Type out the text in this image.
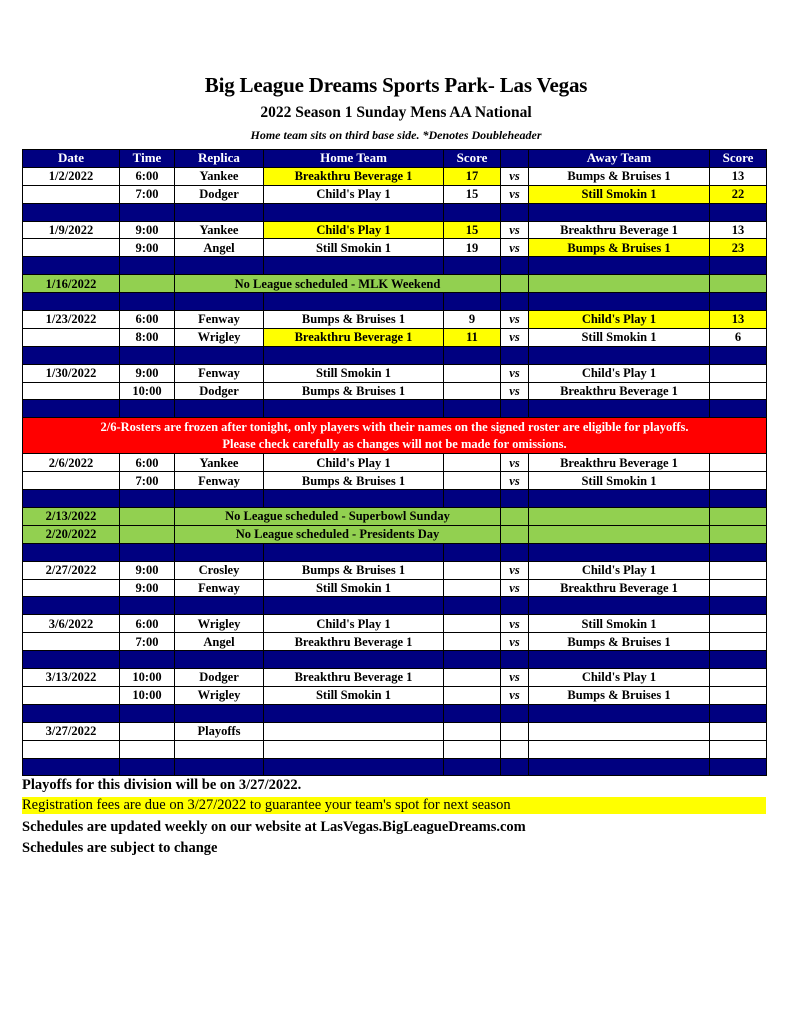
Big League Dreams Sports Park- Las Vegas
2022 Season 1 Sunday Mens AA National
Home team sits on third base side. *Denotes Doubleheader
Date	Time	Replica	Home Team	Score		Away Team	Score
1/2/2022	6:00	Yankee	Breakthru Beverage 1	17	vs	Bumps & Bruises 1	13
	7:00	Dodger	Child's Play 1	15	vs	Still Smokin 1	22

1/9/2022	9:00	Yankee	Child's Play 1	15	vs	Breakthru Beverage 1	13
	9:00	Angel	Still Smokin 1	19	vs	Bumps & Bruises 1	23

1/16/2022		No League scheduled - MLK Weekend					

1/23/2022	6:00	Fenway	Bumps & Bruises 1	9	vs	Child's Play 1	13
	8:00	Wrigley	Breakthru Beverage 1	11	vs	Still Smokin 1	6

1/30/2022	9:00	Fenway	Still Smokin 1		vs	Child's Play 1	
	10:00	Dodger	Bumps & Bruises 1		vs	Breakthru Beverage 1	

2/6-Rosters are frozen after tonight, only players with their names on the signed roster are eligible for playoffs.
Please check carefully as changes will not be made for omissions.							

2/6/2022	6:00	Yankee	Child's Play 1		vs	Breakthru Beverage 1	
	7:00	Fenway	Bumps & Bruises 1		vs	Still Smokin 1	

2/13/2022		No League scheduled - Superbowl Sunday					
2/20/2022		No League scheduled - Presidents Day					

2/27/2022	9:00	Crosley	Bumps & Bruises 1		vs	Child's Play 1	
	9:00	Fenway	Still Smokin 1		vs	Breakthru Beverage 1	

3/6/2022	6:00	Wrigley	Child's Play 1		vs	Still Smokin 1	
	7:00	Angel	Breakthru Beverage 1		vs	Bumps & Bruises 1	

3/13/2022	10:00	Dodger	Breakthru Beverage 1		vs	Child's Play 1	
	10:00	Wrigley	Still Smokin 1		vs	Bumps & Bruises 1	

3/27/2022		Playoffs					

Playoffs for this division will be on 3/27/2022.
Registration fees are due on 3/27/2022 to guarantee your team's spot for next season
Schedules are updated weekly on our website at LasVegas.BigLeagueDreams.com
Schedules are subject to change
